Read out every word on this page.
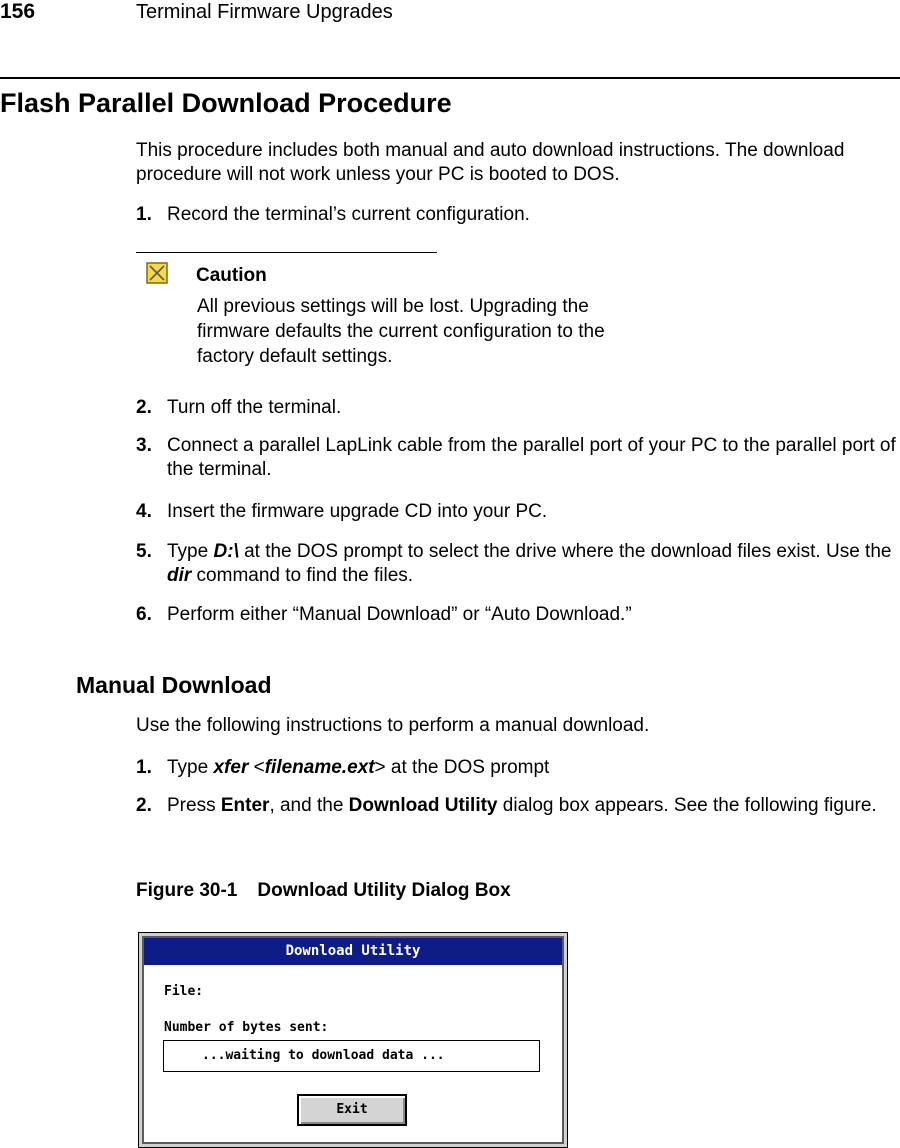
156	Terminal Firmware Upgrades
Flash Parallel Download Procedure
This procedure includes both manual and auto download instructions. The download procedure will not work unless your PC is booted to DOS.
1. Record the terminal’s current configuration.
Caution
All previous settings will be lost. Upgrading the firmware defaults the current configuration to the factory default settings.
2. Turn off the terminal.
3. Connect a parallel LapLink cable from the parallel port of your PC to the parallel port of the terminal.
4. Insert the firmware upgrade CD into your PC.
5. Type D:\ at the DOS prompt to select the drive where the download files exist. Use the dir command to find the files.
6. Perform either “Manual Download” or “Auto Download.”
Manual Download
Use the following instructions to perform a manual download.
1. Type xfer <filename.ext> at the DOS prompt
2. Press Enter, and the Download Utility dialog box appears. See the following figure.
Figure 30-1 Download Utility Dialog Box
Download Utility
File:
Number of bytes sent:
...waiting to download data ...
Exit
